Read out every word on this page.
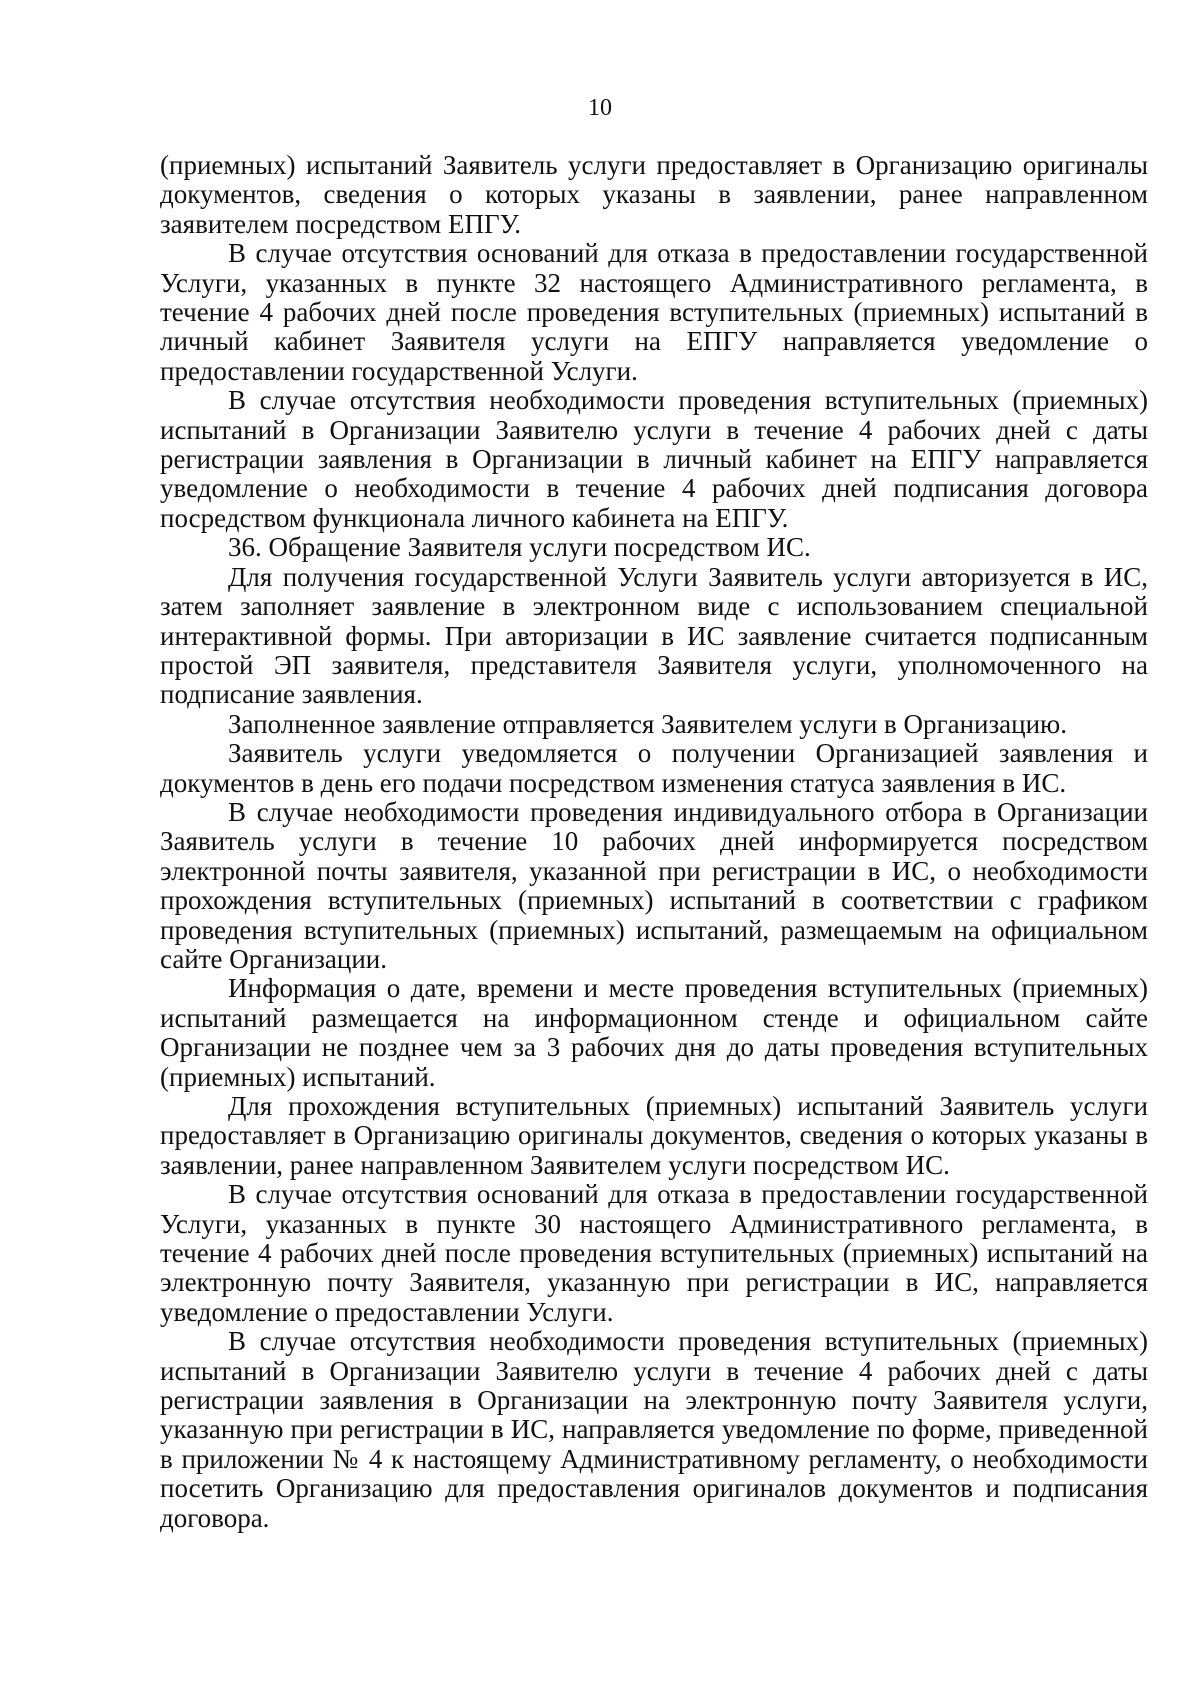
10

(приемных) испытаний Заявитель услуги предоставляет в Организацию оригиналы документов, сведения о которых указаны в заявлении, ранее направленном заявителем посредством ЕПГУ.

В случае отсутствия оснований для отказа в предоставлении государственной Услуги, указанных в пункте 32 настоящего Административного регламента, в течение 4 рабочих дней после проведения вступительных (приемных) испытаний в личный кабинет Заявителя услуги на ЕПГУ направляется уведомление о предоставлении государственной Услуги.

В случае отсутствия необходимости проведения вступительных (приемных) испытаний в Организации Заявителю услуги в течение 4 рабочих дней с даты регистрации заявления в Организации в личный кабинет на ЕПГУ направляется уведомление о необходимости в течение 4 рабочих дней подписания договора посредством функционала личного кабинета на ЕПГУ.

36. Обращение Заявителя услуги посредством ИС.

Для получения государственной Услуги Заявитель услуги авторизуется в ИС, затем заполняет заявление в электронном виде с использованием специальной интерактивной формы. При авторизации в ИС заявление считается подписанным простой ЭП заявителя, представителя Заявителя услуги, уполномоченного на подписание заявления.

Заполненное заявление отправляется Заявителем услуги в Организацию.

Заявитель услуги уведомляется о получении Организацией заявления и документов в день его подачи посредством изменения статуса заявления в ИС.

В случае необходимости проведения индивидуального отбора в Организации Заявитель услуги в течение 10 рабочих дней информируется посредством электронной почты заявителя, указанной при регистрации в ИС, о необходимости прохождения вступительных (приемных) испытаний в соответствии с графиком проведения вступительных (приемных) испытаний, размещаемым на официальном сайте Организации.

Информация о дате, времени и месте проведения вступительных (приемных) испытаний размещается на информационном стенде и официальном сайте Организации не позднее чем за 3 рабочих дня до даты проведения вступительных (приемных) испытаний.

Для прохождения вступительных (приемных) испытаний Заявитель услуги предоставляет в Организацию оригиналы документов, сведения о которых указаны в заявлении, ранее направленном Заявителем услуги посредством ИС.

В случае отсутствия оснований для отказа в предоставлении государственной Услуги, указанных в пункте 30 настоящего Административного регламента, в течение 4 рабочих дней после проведения вступительных (приемных) испытаний на электронную почту Заявителя, указанную при регистрации в ИС, направляется уведомление о предоставлении Услуги.

В случае отсутствия необходимости проведения вступительных (приемных) испытаний в Организации Заявителю услуги в течение 4 рабочих дней с даты регистрации заявления в Организации на электронную почту Заявителя услуги, указанную при регистрации в ИС, направляется уведомление по форме, приведенной в приложении № 4 к настоящему Административному регламенту, о необходимости посетить Организацию для предоставления оригиналов документов и подписания договора.
